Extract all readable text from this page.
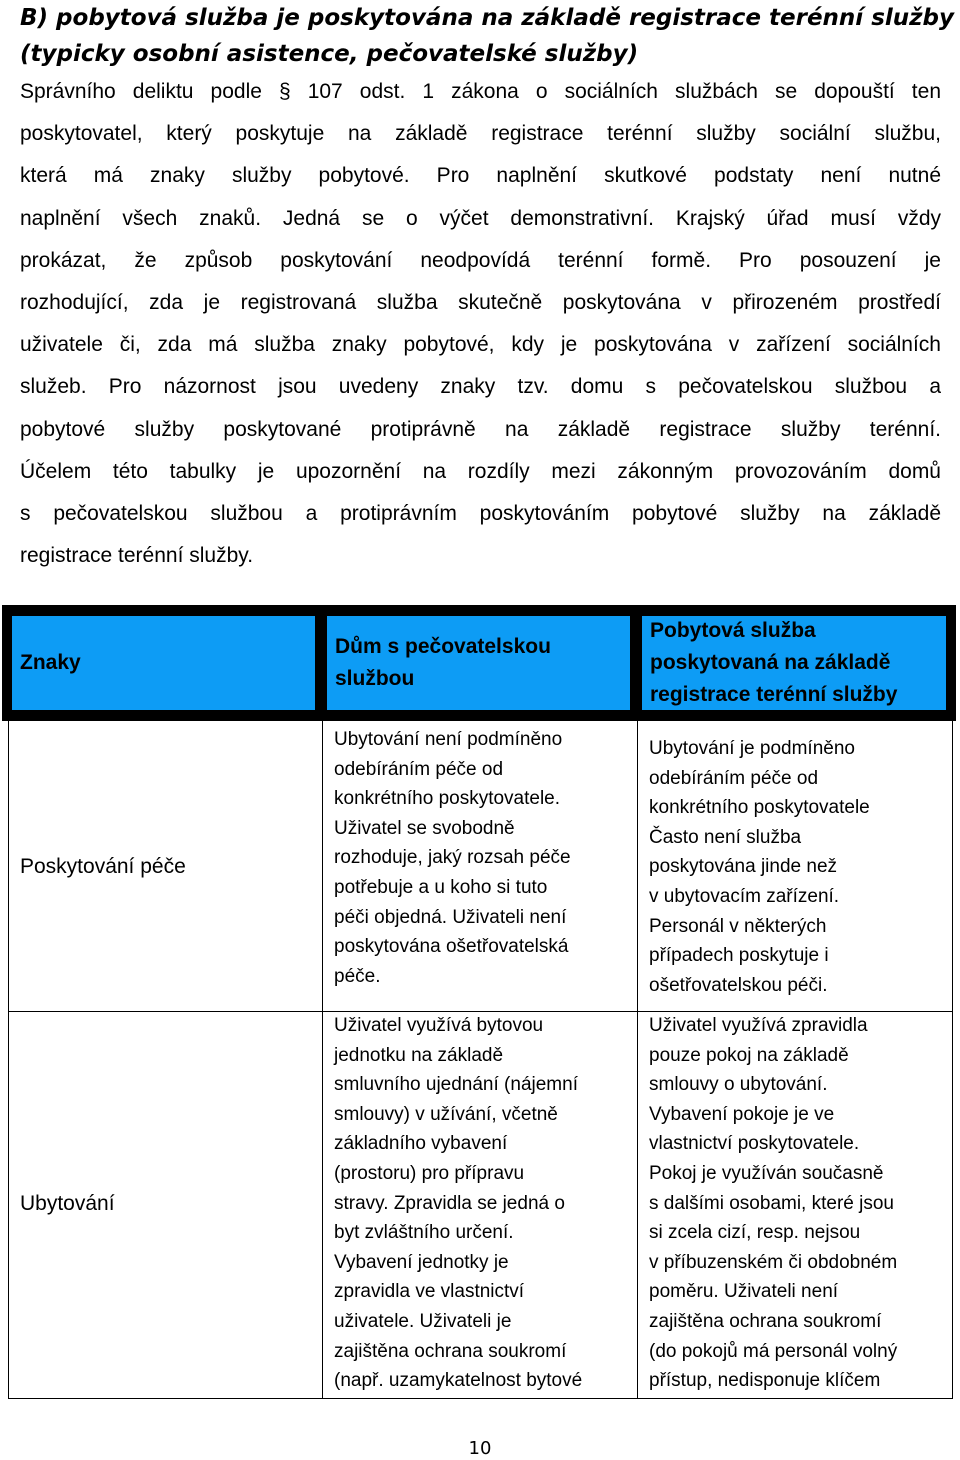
B) pobytová služba je poskytována na základě registrace terénní služby
(typicky osobní asistence, pečovatelské služby)
Správního deliktu podle § 107 odst. 1 zákona o sociálních službách se dopouští ten
poskytovatel, který poskytuje na základě registrace terénní služby sociální službu,
která má znaky služby pobytové. Pro naplnění skutkové podstaty není nutné
naplnění všech znaků. Jedná se o výčet demonstrativní. Krajský úřad musí vždy
prokázat, že způsob poskytování neodpovídá terénní formě. Pro posouzení je
rozhodující, zda je registrovaná služba skutečně poskytována v přirozeném prostředí
uživatele či, zda má služba znaky pobytové, kdy je poskytována v zařízení sociálních
služeb. Pro názornost jsou uvedeny znaky tzv. domu s pečovatelskou službou a
pobytové služby poskytované protiprávně na základě registrace služby terénní.
Účelem této tabulky je upozornění na rozdíly mezi zákonným provozováním domů
s pečovatelskou službou a protiprávním poskytováním pobytové služby na základě
registrace terénní služby.
Znaky
Dům s pečovatelskou
službou
Pobytová služba
poskytovaná na základě
registrace terénní služby
Poskytování péče
Ubytování není podmíněno
odebíráním péče od
konkrétního poskytovatele.
Uživatel se svobodně
rozhoduje, jaký rozsah péče
potřebuje a u koho si tuto
péči objedná. Uživateli není
poskytována ošetřovatelská
péče.
Ubytování je podmíněno
odebíráním péče od
konkrétního poskytovatele
Často není služba
poskytována jinde než
v ubytovacím zařízení.
Personál v některých
případech poskytuje i
ošetřovatelskou péči.
Ubytování
Uživatel využívá bytovou
jednotku na základě
smluvního ujednání (nájemní
smlouvy) v užívání, včetně
základního vybavení
(prostoru) pro přípravu
stravy. Zpravidla se jedná o
byt zvláštního určení.
Vybavení jednotky je
zpravidla ve vlastnictví
uživatele. Uživateli je
zajištěna ochrana soukromí
(např. uzamykatelnost bytové
Uživatel využívá zpravidla
pouze pokoj na základě
smlouvy o ubytování.
Vybavení pokoje je ve
vlastnictví poskytovatele.
Pokoj je využíván současně
s dalšími osobami, které jsou
si zcela cizí, resp. nejsou
v příbuzenském či obdobném
poměru. Uživateli není
zajištěna ochrana soukromí
(do pokojů má personál volný
přístup, nedisponuje klíčem
10
